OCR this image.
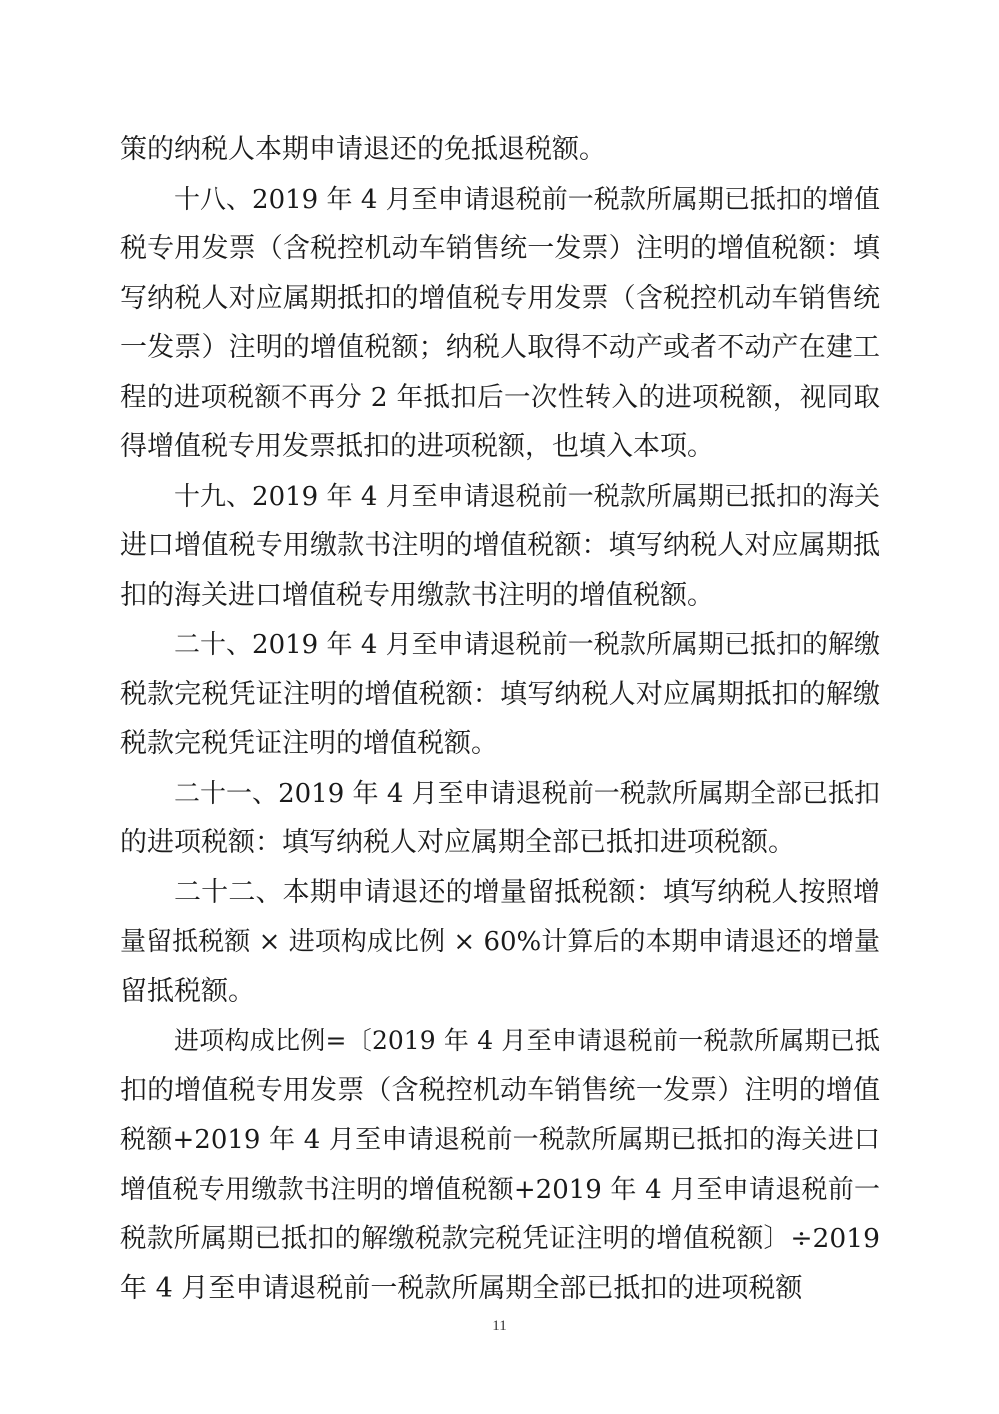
策的纳税人本期申请退还的免抵退税额。
十八、2019 年 4 月至申请退税前一税款所属期已抵扣的增值
税专用发票（含税控机动车销售统一发票）注明的增值税额：填
写纳税人对应属期抵扣的增值税专用发票（含税控机动车销售统
一发票）注明的增值税额；纳税人取得不动产或者不动产在建工
程的进项税额不再分 2 年抵扣后一次性转入的进项税额，视同取
得增值税专用发票抵扣的进项税额，也填入本项。
十九、2019 年 4 月至申请退税前一税款所属期已抵扣的海关
进口增值税专用缴款书注明的增值税额：填写纳税人对应属期抵
扣的海关进口增值税专用缴款书注明的增值税额。
二十、2019 年 4 月至申请退税前一税款所属期已抵扣的解缴
税款完税凭证注明的增值税额：填写纳税人对应属期抵扣的解缴
税款完税凭证注明的增值税额。
二十一、2019 年 4 月至申请退税前一税款所属期全部已抵扣
的进项税额：填写纳税人对应属期全部已抵扣进项税额。
二十二、本期申请退还的增量留抵税额：填写纳税人按照增
量留抵税额 × 进项构成比例 × 60%计算后的本期申请退还的增量
留抵税额。
进项构成比例=〔2019 年 4 月至申请退税前一税款所属期已抵
扣的增值税专用发票（含税控机动车销售统一发票）注明的增值
税额+2019 年 4 月至申请退税前一税款所属期已抵扣的海关进口
增值税专用缴款书注明的增值税额+2019 年 4 月至申请退税前一
税款所属期已抵扣的解缴税款完税凭证注明的增值税额〕÷2019
年 4 月至申请退税前一税款所属期全部已抵扣的进项税额
11
